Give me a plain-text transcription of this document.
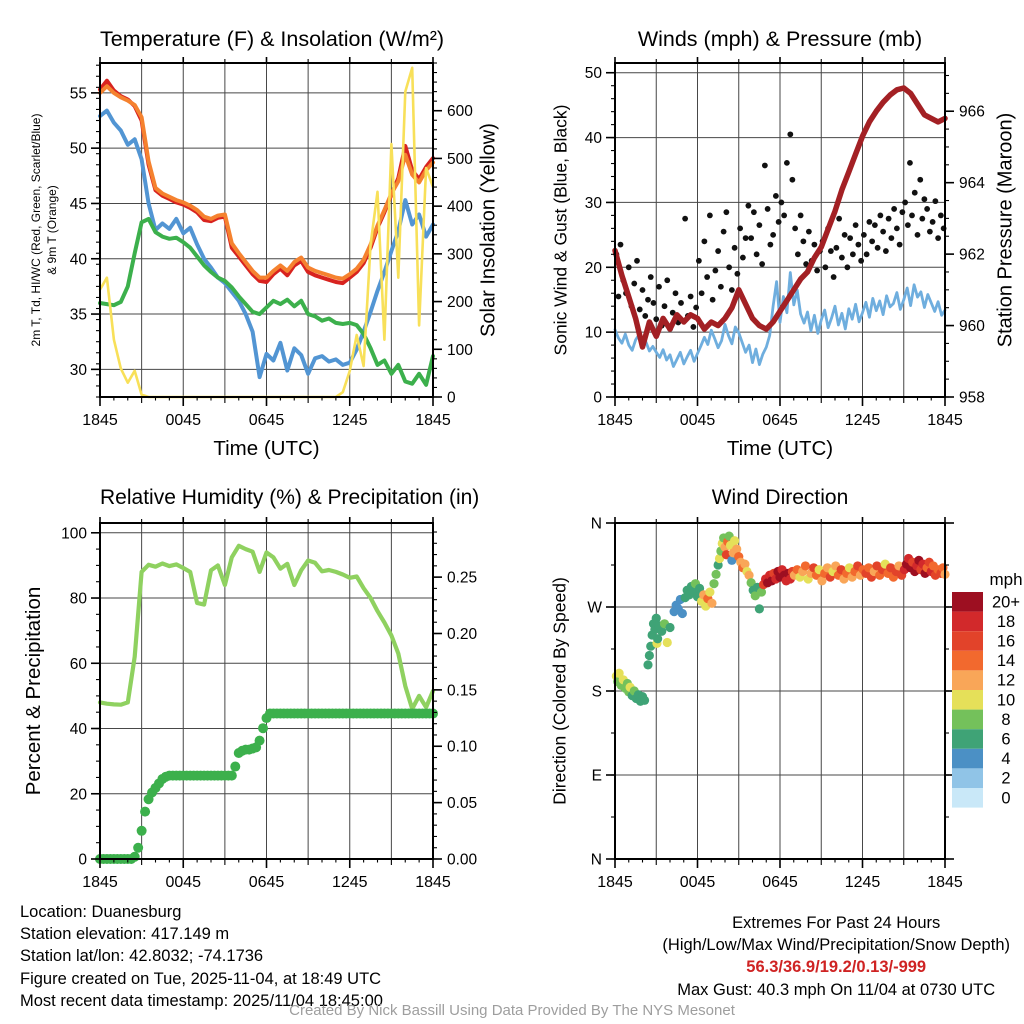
1845	0045	0645	1245	1845
30
35
40
45
50
55
0
100
200
300
400
500
600
1845	0045	0645	1245	1845
0
10
20
30
40
50
958
960
962
964
966
1845	0045	0645	1245	1845
0
20
40
60
80
100
0.00
0.05
0.10
0.15
0.20
0.25
1845	0045	0645	1245	1845
N
E
S
W
N
mph
20+
18
16
14
12
10
8
6
4
2
0
Temperature (F) & Insolation (W/m²)	Winds (mph) & Pressure (mb)
Relative Humidity (%) & Precipitation (in)	Wind Direction
Time (UTC)	Time (UTC)
2m T, Td, HI/WC (Red, Green, Scarlet/Blue) & 9m T (Orange)	Solar Insolation (Yellow)	Sonic Wind & Gust (Blue, Black)	Station Pressure (Maroon)
Percent & Precipitation	Direction (Colored By Speed)
Location: Duanesburg
Station elevation: 417.149 m
Station lat/lon: 42.8032; -74.1736
Figure created on Tue, 2025-11-04, at 18:49 UTC
Most recent data timestamp: 2025/11/04 18:45:00
Extremes For Past 24 Hours
(High/Low/Max Wind/Precipitation/Snow Depth)
56.3/36.9/19.2/0.13/-999
Max Gust: 40.3 mph On 11/04 at 0730 UTC
Created By Nick Bassill Using Data Provided By The NYS Mesonet
